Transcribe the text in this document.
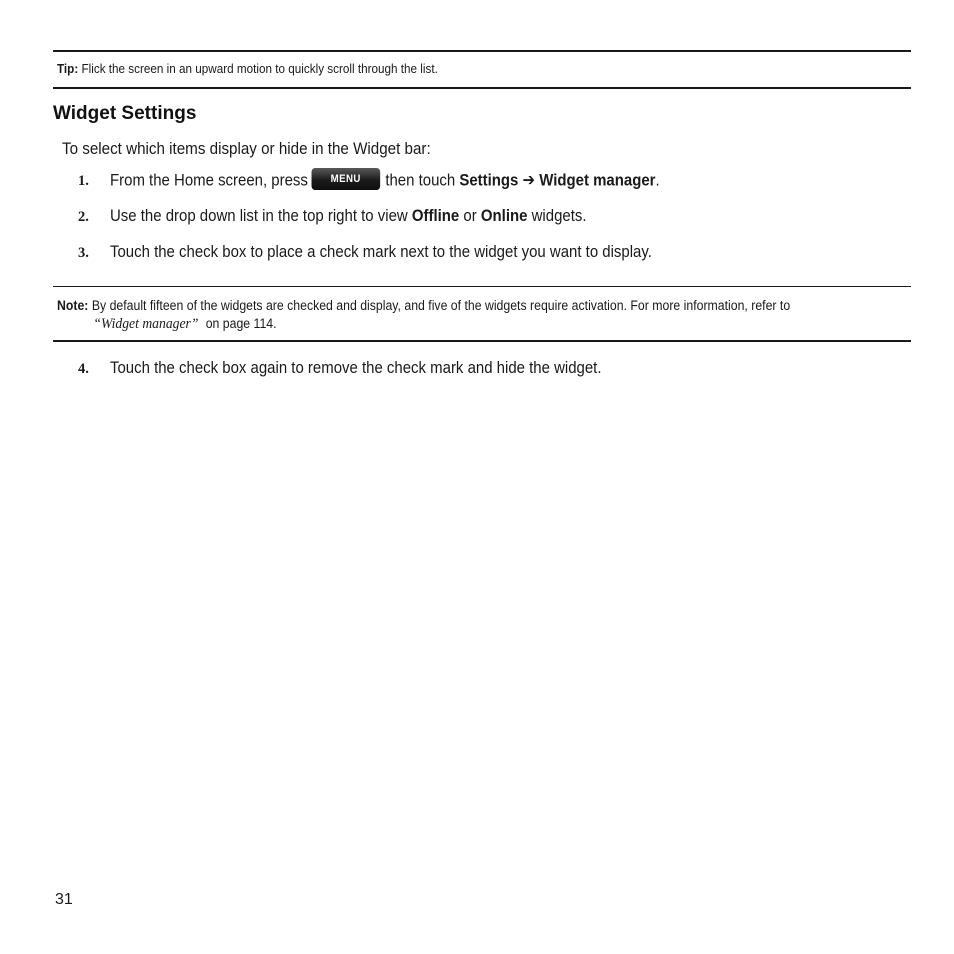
Tip: Flick the screen in an upward motion to quickly scroll through the list.
Widget Settings
To select which items display or hide in the Widget bar:
1. From the Home screen, press MENU then touch Settings ➔ Widget manager.
2. Use the drop down list in the top right to view Offline or Online widgets.
3. Touch the check box to place a check mark next to the widget you want to display.
Note: By default fifteen of the widgets are checked and display, and five of the widgets require activation. For more information, refer to
“Widget manager” on page 114.
4. Touch the check box again to remove the check mark and hide the widget.
31
